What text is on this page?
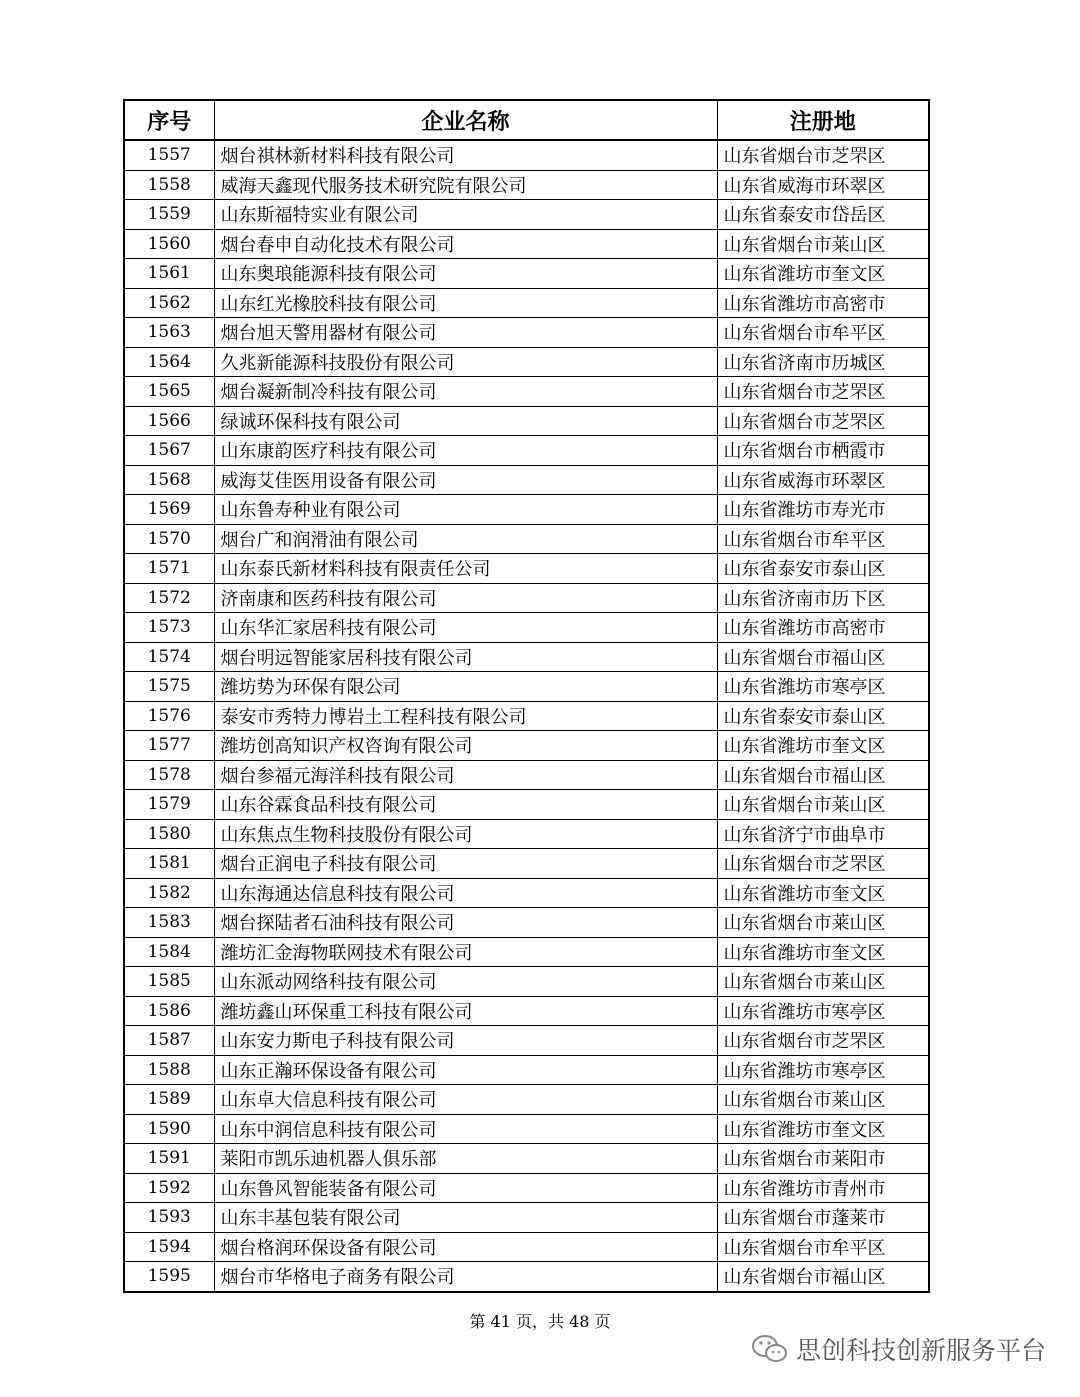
序号	企业名称	注册地
1557	烟台祺林新材料科技有限公司	山东省烟台市芝罘区
1558	威海天鑫现代服务技术研究院有限公司	山东省威海市环翠区
1559	山东斯福特实业有限公司	山东省泰安市岱岳区
1560	烟台春申自动化技术有限公司	山东省烟台市莱山区
1561	山东奥琅能源科技有限公司	山东省潍坊市奎文区
1562	山东红光橡胶科技有限公司	山东省潍坊市高密市
1563	烟台旭天警用器材有限公司	山东省烟台市牟平区
1564	久兆新能源科技股份有限公司	山东省济南市历城区
1565	烟台凝新制冷科技有限公司	山东省烟台市芝罘区
1566	绿诚环保科技有限公司	山东省烟台市芝罘区
1567	山东康韵医疗科技有限公司	山东省烟台市栖霞市
1568	威海艾佳医用设备有限公司	山东省威海市环翠区
1569	山东鲁寿种业有限公司	山东省潍坊市寿光市
1570	烟台广和润滑油有限公司	山东省烟台市牟平区
1571	山东泰氏新材料科技有限责任公司	山东省泰安市泰山区
1572	济南康和医药科技有限公司	山东省济南市历下区
1573	山东华汇家居科技有限公司	山东省潍坊市高密市
1574	烟台明远智能家居科技有限公司	山东省烟台市福山区
1575	潍坊势为环保有限公司	山东省潍坊市寒亭区
1576	泰安市秀特力博岩土工程科技有限公司	山东省泰安市泰山区
1577	潍坊创高知识产权咨询有限公司	山东省潍坊市奎文区
1578	烟台参福元海洋科技有限公司	山东省烟台市福山区
1579	山东谷霖食品科技有限公司	山东省烟台市莱山区
1580	山东焦点生物科技股份有限公司	山东省济宁市曲阜市
1581	烟台正润电子科技有限公司	山东省烟台市芝罘区
1582	山东海通达信息科技有限公司	山东省潍坊市奎文区
1583	烟台探陆者石油科技有限公司	山东省烟台市莱山区
1584	潍坊汇金海物联网技术有限公司	山东省潍坊市奎文区
1585	山东派动网络科技有限公司	山东省烟台市莱山区
1586	潍坊鑫山环保重工科技有限公司	山东省潍坊市寒亭区
1587	山东安力斯电子科技有限公司	山东省烟台市芝罘区
1588	山东正瀚环保设备有限公司	山东省潍坊市寒亭区
1589	山东卓大信息科技有限公司	山东省烟台市莱山区
1590	山东中润信息科技有限公司	山东省潍坊市奎文区
1591	莱阳市凯乐迪机器人俱乐部	山东省烟台市莱阳市
1592	山东鲁风智能装备有限公司	山东省潍坊市青州市
1593	山东丰基包装有限公司	山东省烟台市蓬莱市
1594	烟台格润环保设备有限公司	山东省烟台市牟平区
1595	烟台市华格电子商务有限公司	山东省烟台市福山区
第 41 页，共 48 页
思创科技创新服务平台
